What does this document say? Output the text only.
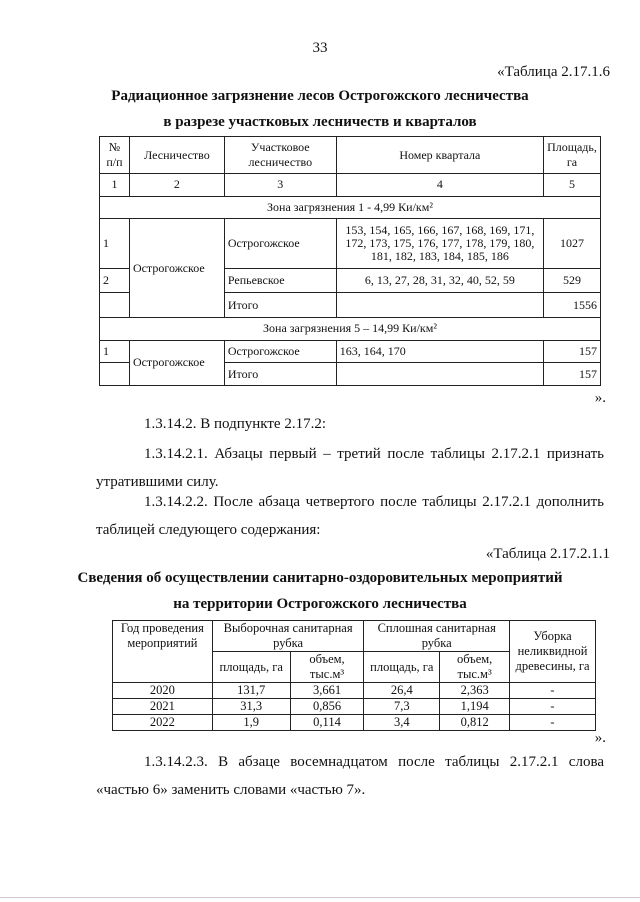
33
«Таблица 2.17.1.6
Радиационное загрязнение лесов Острогожского лесничества
в разрезе участковых лесничеств и кварталов
№ п/п	Лесничество	Участковое лесничество	Номер квартала	Площадь, га
1	2	3	4	5
Зона загрязнения 1 - 4,99 Ки/км²				
1	Острогожское	Острогожское	153, 154, 165, 166, 167, 168, 169, 171, 172, 173, 175, 176, 177, 178, 179, 180, 181, 182, 183, 184, 185, 186	1027
2		Репьевское	6, 13, 27, 28, 31, 32, 40, 52, 59	529
		Итого		1556
Зона загрязнения 5 – 14,99 Ки/км²				
1	Острогожское	Острогожское	163, 164, 170	157
		Итого		157
».
1.3.14.2. В подпункте 2.17.2:
1.3.14.2.1. Абзацы первый – третий после таблицы 2.17.2.1 признать утратившими силу.
1.3.14.2.2. После абзаца четвертого после таблицы 2.17.2.1 дополнить таблицей следующего содержания:
«Таблица 2.17.2.1.1
Сведения об осуществлении санитарно-оздоровительных мероприятий
на территории Острогожского лесничества
Год проведения мероприятий	Выборочная санитарная рубка		Сплошная санитарная рубка		Уборка неликвидной древесины, га
	площадь, га	объем, тыс.м³	площадь, га	объем, тыс.м³	
2020	131,7	3,661	26,4	2,363	-
2021	31,3	0,856	7,3	1,194	-
2022	1,9	0,114	3,4	0,812	-
».
1.3.14.2.3. В абзаце восемнадцатом после таблицы 2.17.2.1 слова «частью 6» заменить словами «частью 7».
